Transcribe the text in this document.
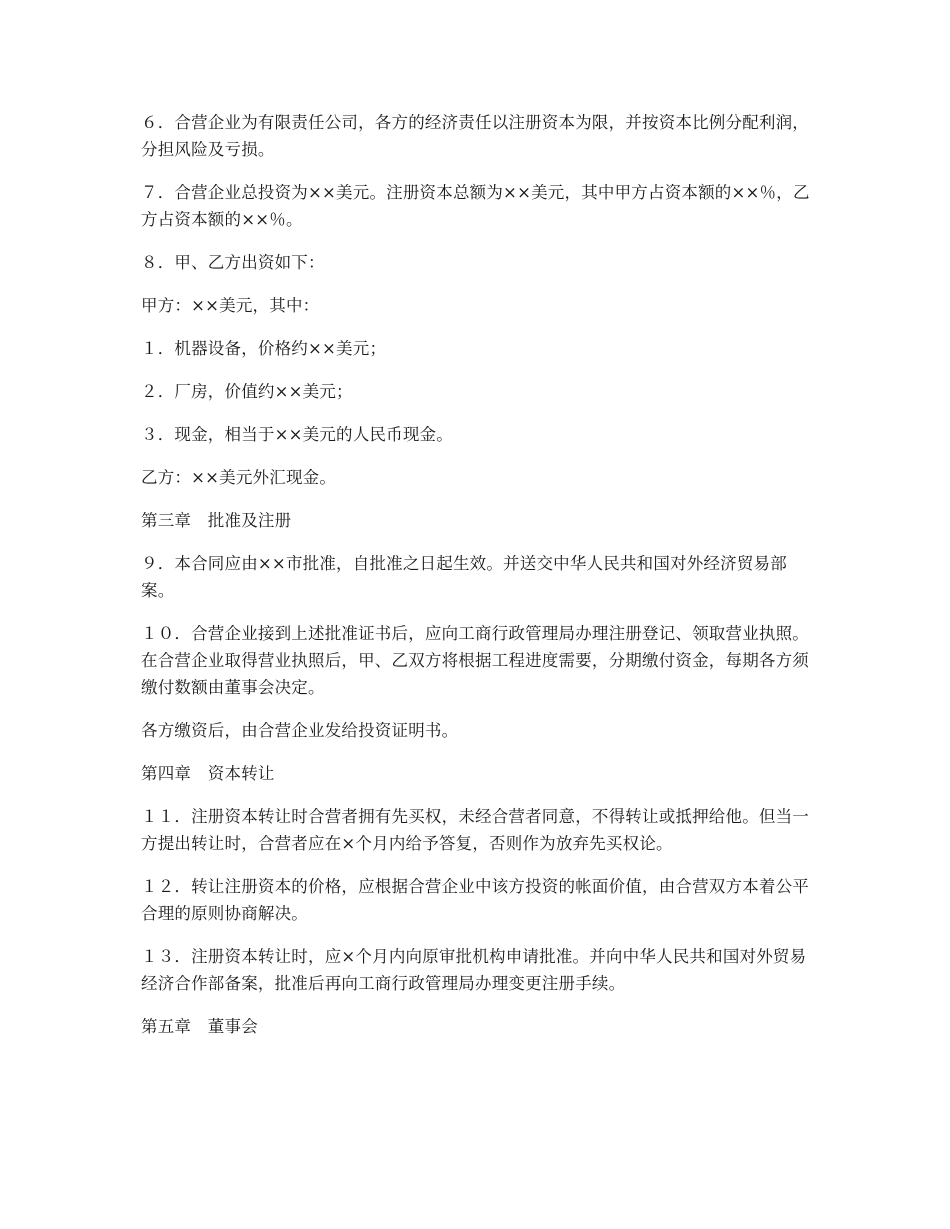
６．合营企业为有限责任公司，各方的经济责任以注册资本为限，并按资本比例分配利润，分担风险及亏损。

７．合营企业总投资为××美元。注册资本总额为××美元，其中甲方占资本额的××％，乙方占资本额的××％。

８．甲、乙方出资如下：

甲方：××美元，其中：

１．机器设备，价格约××美元；

２．厂房，价值约××美元；

３．现金，相当于××美元的人民币现金。

乙方：××美元外汇现金。

第三章　批准及注册

９．本合同应由××市批准，自批准之日起生效。并送交中华人民共和国对外经济贸易部案。

１０．合营企业接到上述批准证书后，应向工商行政管理局办理注册登记、领取营业执照。在合营企业取得营业执照后，甲、乙双方将根据工程进度需要，分期缴付资金，每期各方须缴付数额由董事会决定。

各方缴资后，由合营企业发给投资证明书。

第四章　资本转让

１１．注册资本转让时合营者拥有先买权，未经合营者同意，不得转让或抵押给他。但当一方提出转让时，合营者应在×个月内给予答复，否则作为放弃先买权论。

１２．转让注册资本的价格，应根据合营企业中该方投资的帐面价值，由合营双方本着公平合理的原则协商解决。

１３．注册资本转让时，应×个月内向原审批机构申请批准。并向中华人民共和国对外贸易经济合作部备案，批准后再向工商行政管理局办理变更注册手续。

第五章　董事会
